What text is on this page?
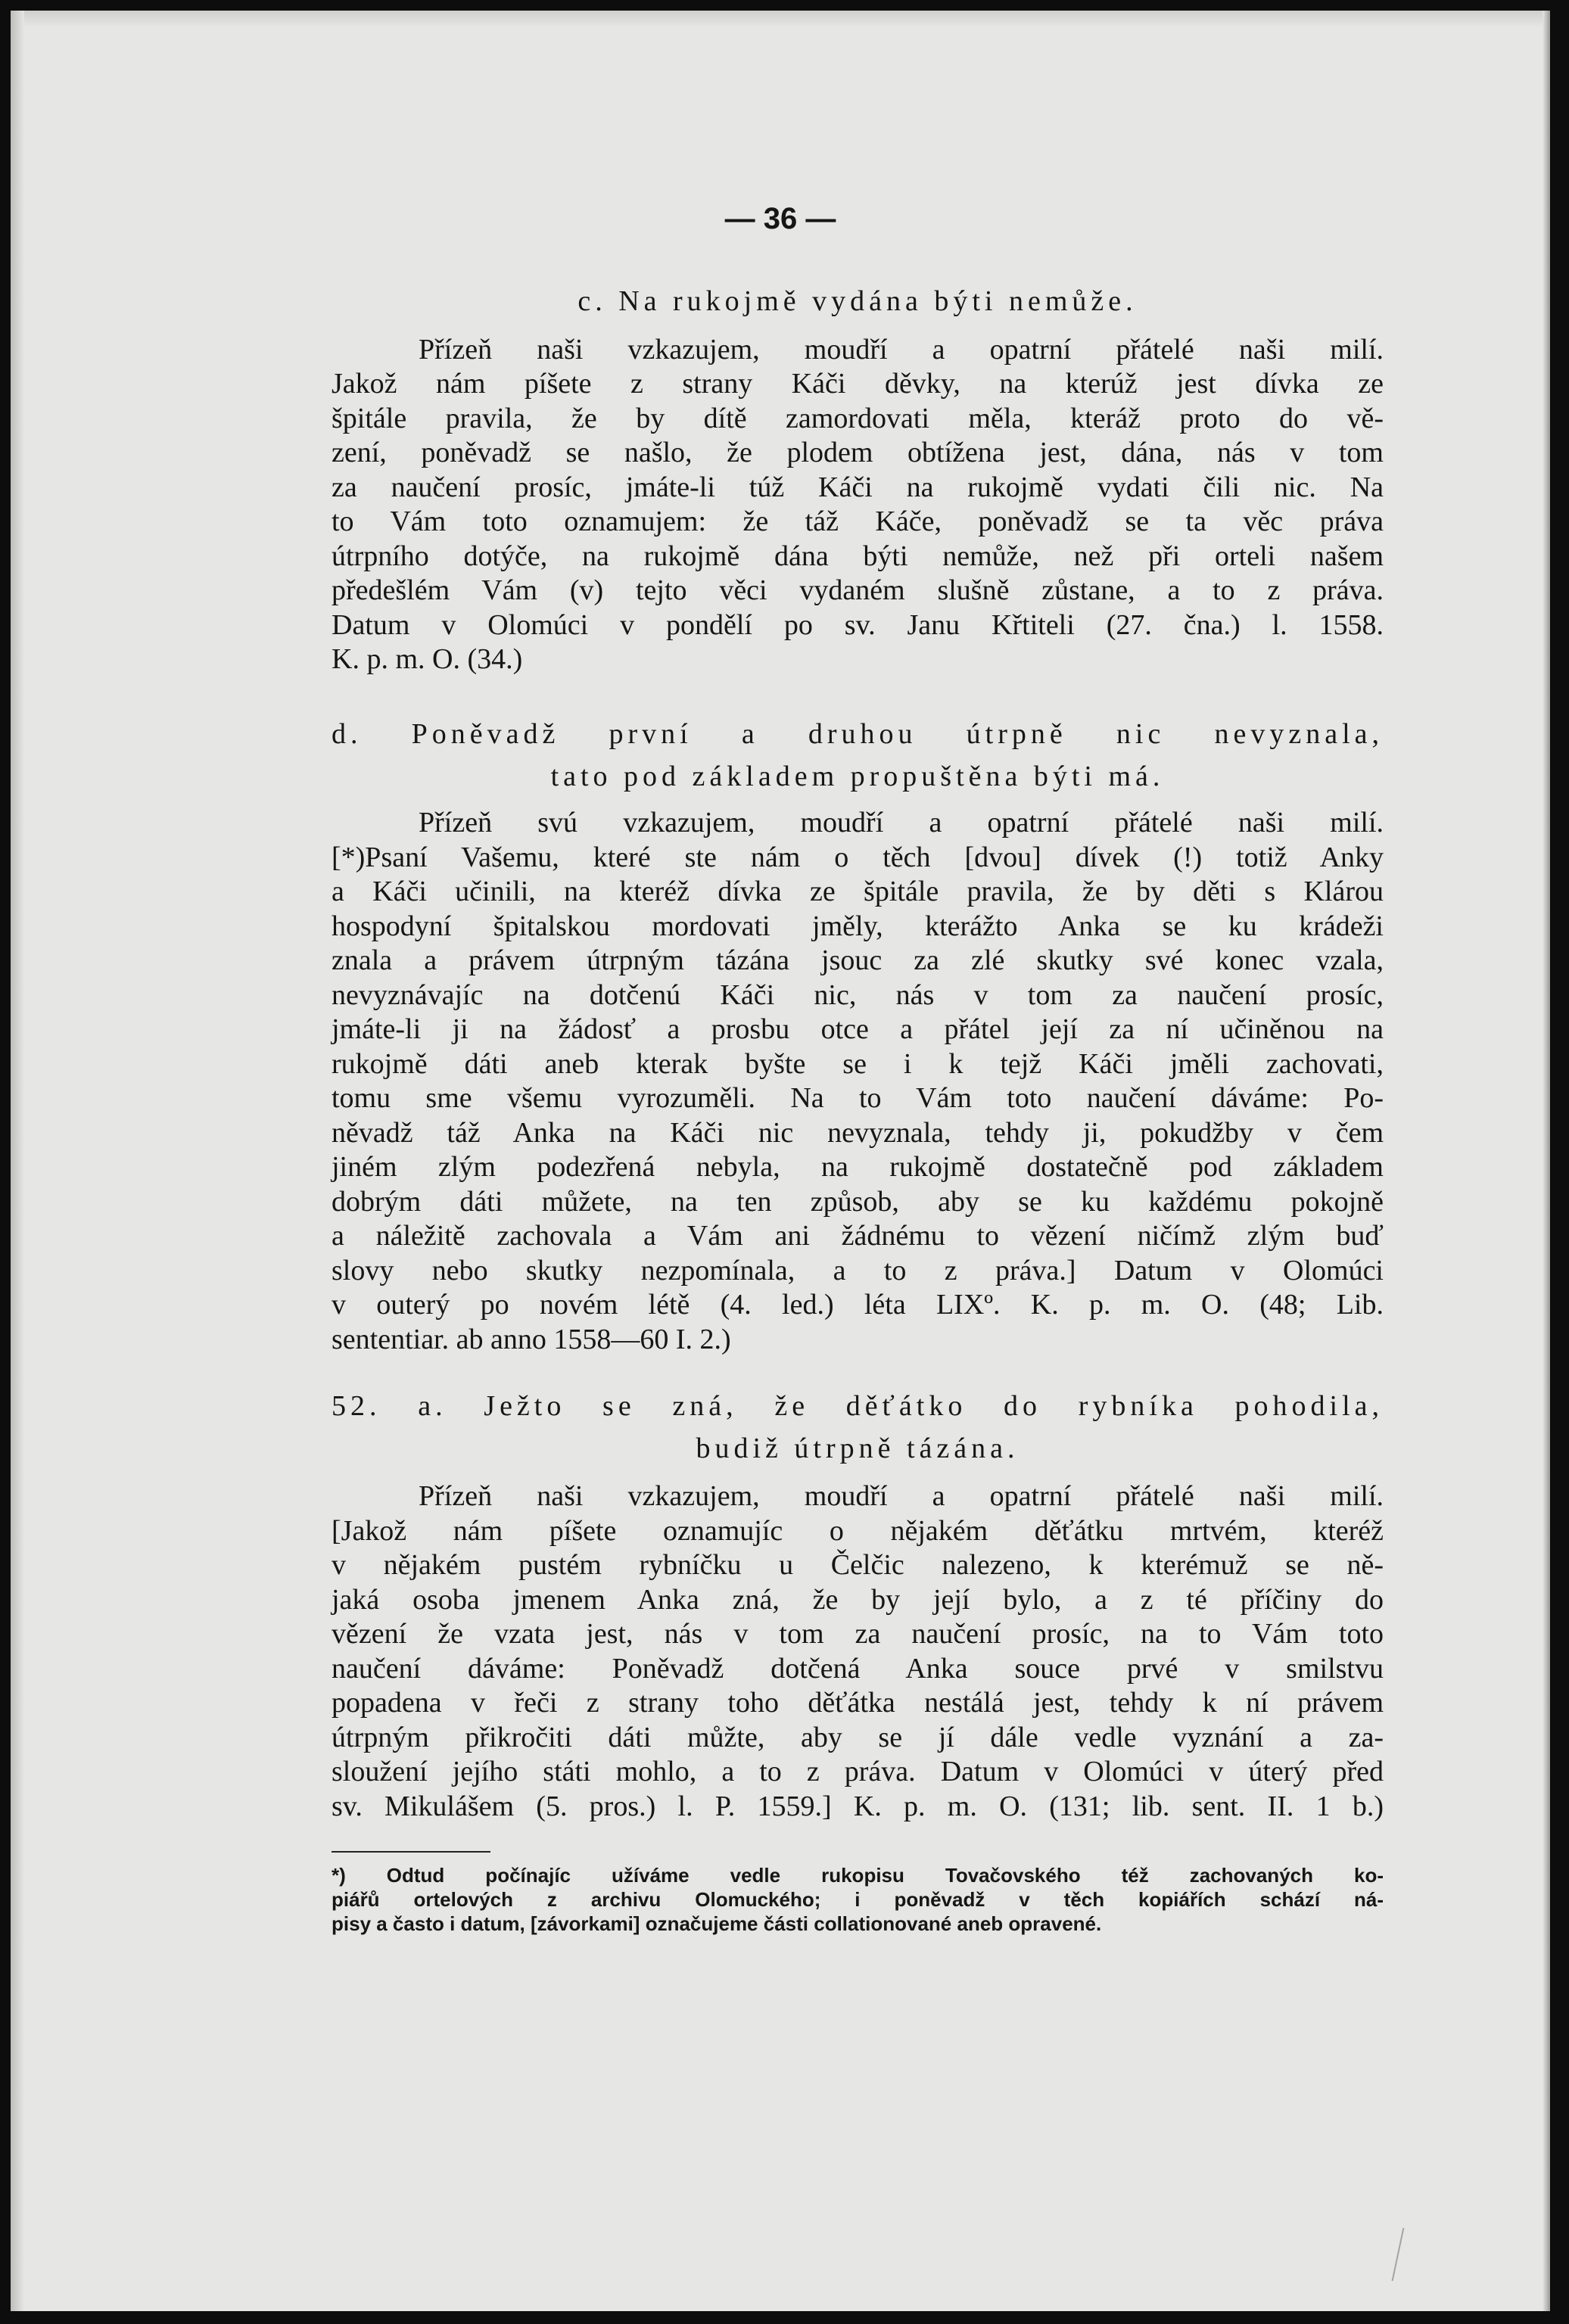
— 36 —

c. Na rukojmě vydána býti nemůže.

Přízeň naši vzkazujem, moudří a opatrní přátelé naši milí.
Jakož nám píšete z strany Káči děvky, na kterúž jest dívka ze
špitále pravila, že by dítě zamordovati měla, kteráž proto do vě-
zení, poněvadž se našlo, že plodem obtížena jest, dána, nás v tom
za naučení prosíc, jmáte-li túž Káči na rukojmě vydati čili nic. Na
to Vám toto oznamujem: že táž Káče, poněvadž se ta věc práva
útrpního dotýče, na rukojmě dána býti nemůže, než při orteli našem
předešlém Vám (v) tejto věci vydaném slušně zůstane, a to z práva.
Datum v Olomúci v pondělí po sv. Janu Křtiteli (27. čna.) l. 1558.
K. p. m. O. (34.)

d. Poněvadž první a druhou útrpně nic nevyznala,
tato pod základem propuštěna býti má.

Přízeň svú vzkazujem, moudří a opatrní přátelé naši milí.
[*)Psaní Vašemu, které ste nám o těch [dvou] dívek (!) totiž Anky
a Káči učinili, na kteréž dívka ze špitále pravila, že by děti s Klárou
hospodyní špitalskou mordovati jměly, kterážto Anka se ku krádeži
znala a právem útrpným tázána jsouc za zlé skutky své konec vzala,
nevyznávajíc na dotčenú Káči nic, nás v tom za naučení prosíc,
jmáte-li ji na žádosť a prosbu otce a přátel její za ní učiněnou na
rukojmě dáti aneb kterak byšte se i k tejž Káči jměli zachovati,
tomu sme všemu vyrozuměli. Na to Vám toto naučení dáváme: Po-
něvadž táž Anka na Káči nic nevyznala, tehdy ji, pokudžby v čem
jiném zlým podezřená nebyla, na rukojmě dostatečně pod základem
dobrým dáti můžete, na ten způsob, aby se ku každému pokojně
a náležitě zachovala a Vám ani žádnému to vězení ničímž zlým buď
slovy nebo skutky nezpomínala, a to z práva.] Datum v Olomúci
v outerý po novém létě (4. led.) léta LIXº. K. p. m. O. (48; Lib.
sententiar. ab anno 1558—60 I. 2.)

52. a. Ježto se zná, že děťátko do rybníka pohodila,
budiž útrpně tázána.

Přízeň naši vzkazujem, moudří a opatrní přátelé naši milí.
[Jakož nám píšete oznamujíc o nějakém děťátku mrtvém, kteréž
v nějakém pustém rybníčku u Čelčic nalezeno, k kterémuž se ně-
jaká osoba jmenem Anka zná, že by její bylo, a z té příčiny do
vězení že vzata jest, nás v tom za naučení prosíc, na to Vám toto
naučení dáváme: Poněvadž dotčená Anka souce prvé v smilstvu
popadena v řeči z strany toho děťátka nestálá jest, tehdy k ní právem
útrpným přikročiti dáti můžte, aby se jí dále vedle vyznání a za-
sloužení jejího státi mohlo, a to z práva. Datum v Olomúci v úterý před
sv. Mikulášem (5. pros.) l. P. 1559.] K. p. m. O. (131; lib. sent. II. 1 b.)
*) Odtud počínajíc užíváme vedle rukopisu Tovačovského též zachovaných ko-
piářů ortelových z archivu Olomuckého; i poněvadž v těch kopiářích schází ná-
pisy a často i datum, [závorkami] označujeme části collationované aneb opravené.
